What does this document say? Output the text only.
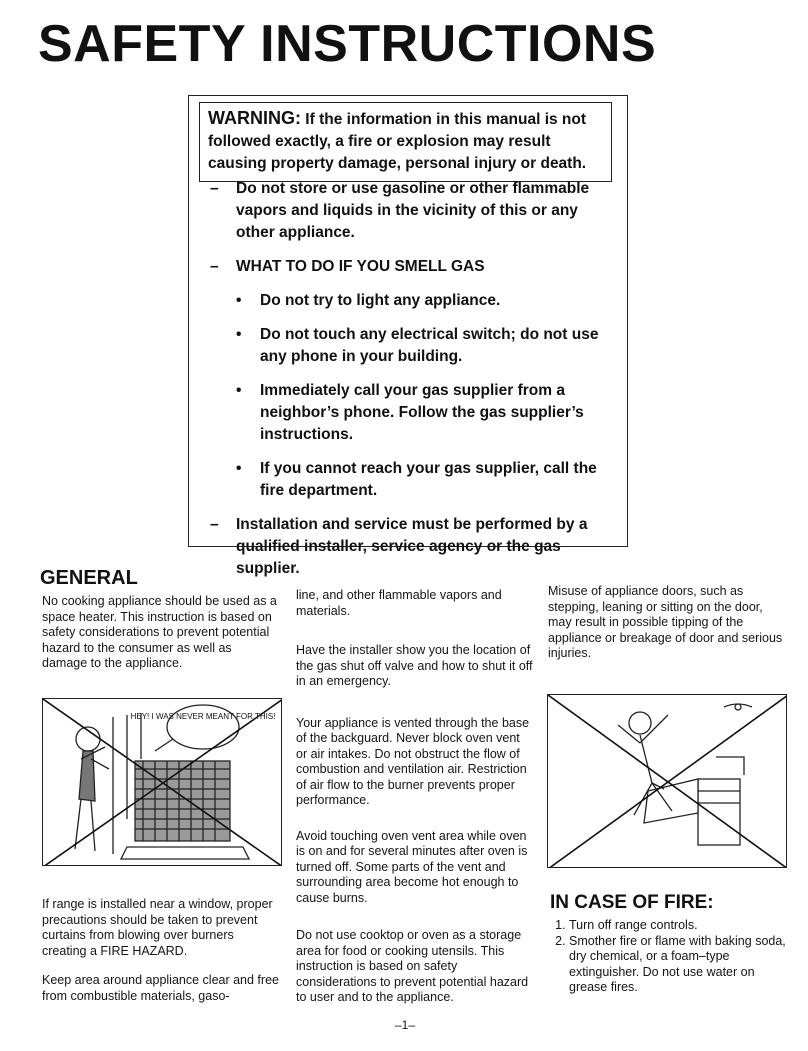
SAFETY INSTRUCTIONS
WARNING: If the information in this manual is not followed exactly, a fire or explosion may result causing property damage, personal injury or death.
– Do not store or use gasoline or other flammable vapors and liquids in the vicinity of this or any other appliance.
– WHAT TO DO IF YOU SMELL GAS
• Do not try to light any appliance.
• Do not touch any electrical switch; do not use any phone in your building.
• Immediately call your gas supplier from a neighbor’s phone. Follow the gas supplier’s instructions.
• If you cannot reach your gas supplier, call the fire department.
– Installation and service must be performed by a qualified installer, service agency or the gas supplier.
GENERAL

No cooking appliance should be used as a space heater. This instruction is based on safety considerations to prevent potential hazard to the consumer as well as damage to the appliance.

HEY! I WAS NEVER MEANT FOR THIS!

If range is installed near a window, proper precautions should be taken to prevent curtains from blowing over burners creating a FIRE HAZARD.

Keep area around appliance clear and free from combustible materials, gaso-

line, and other flammable vapors and materials.

Have the installer show you the location of the gas shut off valve and how to shut it off in an emergency.

Your appliance is vented through the base of the backguard. Never block oven vent or air intakes. Do not obstruct the flow of combustion and ventilation air. Restriction of air flow to the burner prevents proper performance.

Avoid touching oven vent area while oven is on and for several minutes after oven is turned off. Some parts of the vent and surrounding area become hot enough to cause burns.

Do not use cooktop or oven as a storage area for food or cooking utensils. This instruction is based on safety considerations to prevent potential hazard to user and to the appliance.

Misuse of appliance doors, such as stepping, leaning or sitting on the door, may result in possible tipping of the appliance or breakage of door and serious injuries.

IN CASE OF FIRE:
1. Turn off range controls.
2. Smother fire or flame with baking soda, dry chemical, or a foam–type extinguisher. Do not use water on grease fires.
–1–
